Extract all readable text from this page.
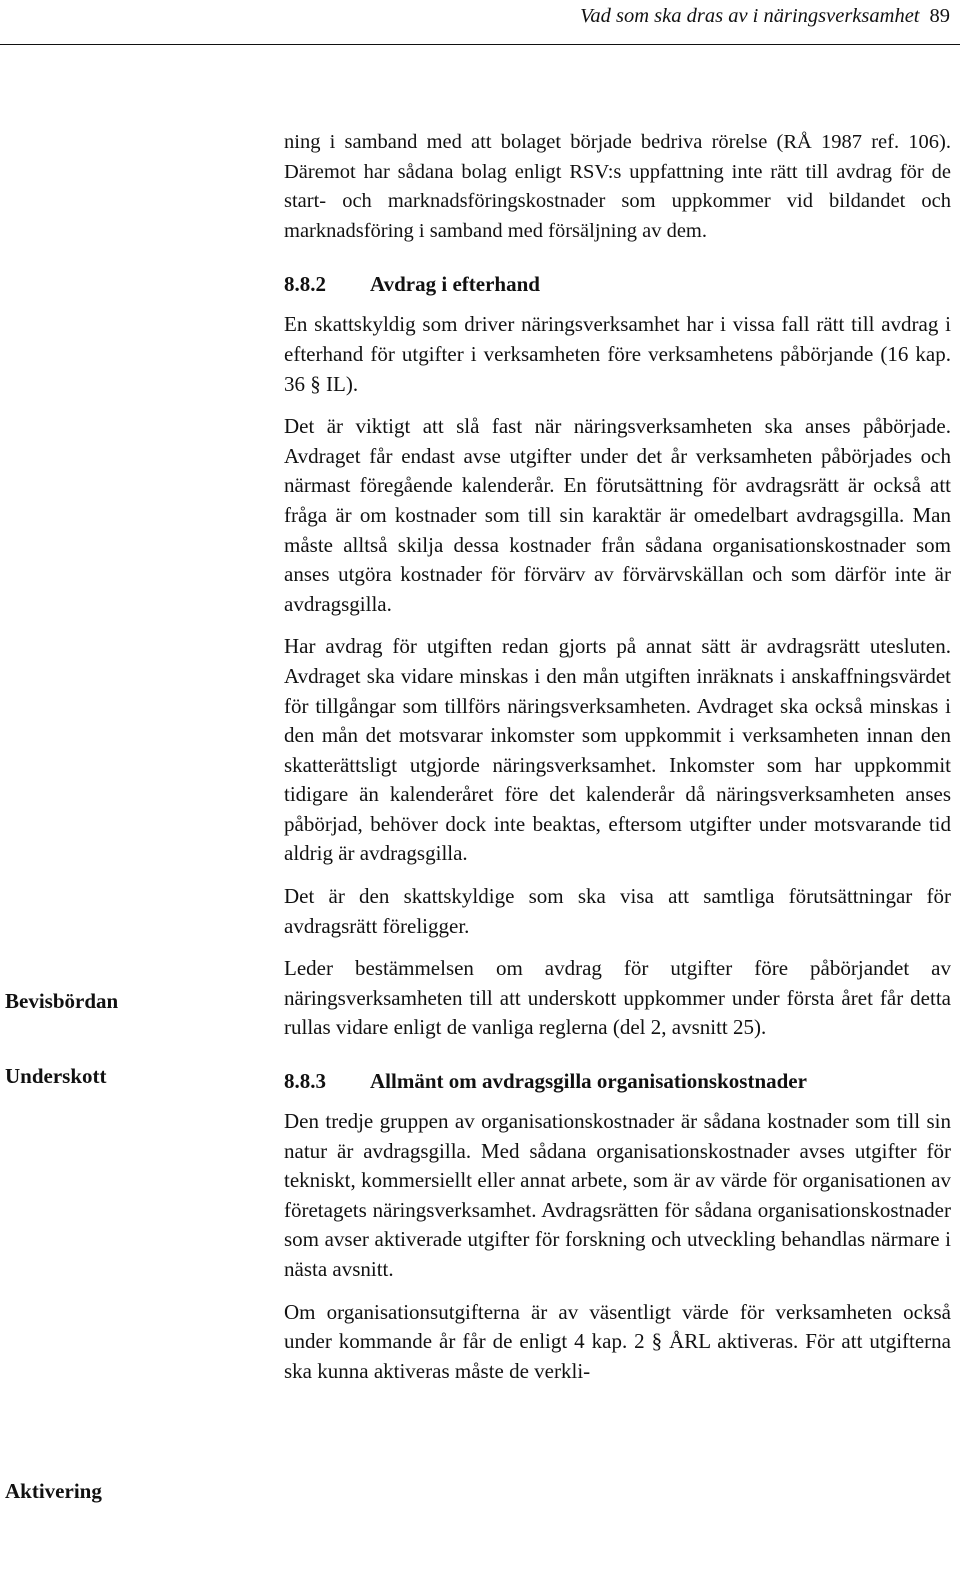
Vad som ska dras av i näringsverksamhet 89
Bevisbördan
Underskott
Aktivering

ning i samband med att bolaget började bedriva rörelse (RÅ 1987 ref. 106). Däremot har sådana bolag enligt RSV:s uppfattning inte rätt till avdrag för de start- och marknadsföringskostnader som uppkommer vid bildandet och marknadsföring i samband med försäljning av dem.

8.8.2 Avdrag i efterhand

En skattskyldig som driver näringsverksamhet har i vissa fall rätt till avdrag i efterhand för utgifter i verksamheten före verksamhetens påbörjande (16 kap. 36 § IL).

Det är viktigt att slå fast när näringsverksamheten ska anses påbörjade. Avdraget får endast avse utgifter under det år verksamheten påbörjades och närmast föregående kalenderår. En förutsättning för avdragsrätt är också att fråga är om kostnader som till sin karaktär är omedelbart avdragsgilla. Man måste alltså skilja dessa kostnader från sådana organisationskostnader som anses utgöra kostnader för förvärv av förvärvskällan och som därför inte är avdragsgilla.

Har avdrag för utgiften redan gjorts på annat sätt är avdragsrätt utesluten. Avdraget ska vidare minskas i den mån utgiften inräknats i anskaffningsvärdet för tillgångar som tillförs näringsverksamheten. Avdraget ska också minskas i den mån det motsvarar inkomster som uppkommit i verksamheten innan den skatterättsligt utgjorde näringsverksamhet. Inkomster som har uppkommit tidigare än kalenderåret före det kalenderår då näringsverksamheten anses påbörjad, behöver dock inte beaktas, eftersom utgifter under motsvarande tid aldrig är avdragsgilla.

Det är den skattskyldige som ska visa att samtliga förutsättningar för avdragsrätt föreligger.

Leder bestämmelsen om avdrag för utgifter före påbörjandet av näringsverksamheten till att underskott uppkommer under första året får detta rullas vidare enligt de vanliga reglerna (del 2, avsnitt 25).

8.8.3 Allmänt om avdragsgilla organisationskostnader

Den tredje gruppen av organisationskostnader är sådana kostnader som till sin natur är avdragsgilla. Med sådana organisationskostnader avses utgifter för tekniskt, kommersiellt eller annat arbete, som är av värde för organisationen av företagets näringsverksamhet. Avdragsrätten för sådana organisationskostnader som avser aktiverade utgifter för forskning och utveckling behandlas närmare i nästa avsnitt.

Om organisationsutgifterna är av väsentligt värde för verksamheten också under kommande år får de enligt 4 kap. 2 § ÅRL aktiveras. För att utgifterna ska kunna aktiveras måste de verkli-
